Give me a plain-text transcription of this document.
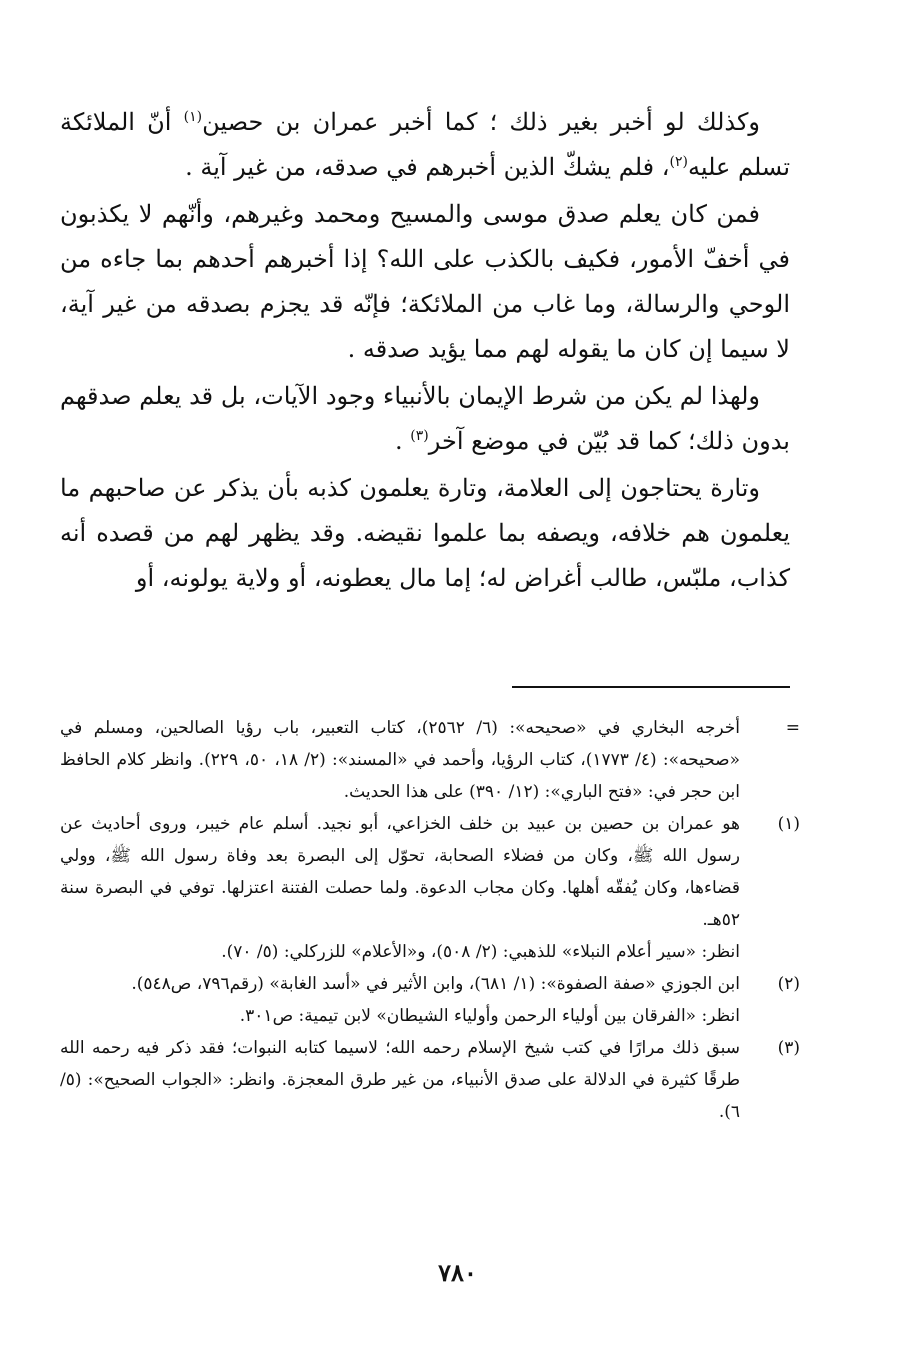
وكذلك لو أخبر بغير ذلك ؛ كما أخبر عمران بن حصين$^{(١)}$ أنّ الملائكة تسلم عليه$^{(٢)}$، فلم يشكّ الذين أخبرهم في صدقه، من غير آية .

فمن كان يعلم صدق موسى والمسيح ومحمد وغيرهم، وأنّهم لا يكذبون في أخفّ الأمور، فكيف بالكذب على الله؟ إذا أخبرهم أحدهم بما جاءه من الوحي والرسالة، وما غاب من الملائكة؛ فإنّه قد يجزم بصدقه من غير آية، لا سيما إن كان ما يقوله لهم مما يؤيد صدقه .

ولهذا لم يكن من شرط الإيمان بالأنبياء وجود الآيات، بل قد يعلم صدقهم بدون ذلك؛ كما قد بُيّن في موضع آخر$^{(٣)}$ .

وتارة يحتاجون إلى العلامة، وتارة يعلمون كذبه بأن يذكر عن صاحبهم ما يعلمون هم خلافه، ويصفه بما علموا نقيضه. وقد يظهر لهم من قصده أنه كذاب، ملبّس، طالب أغراض له؛ إما مال يعطونه، أو ولاية يولونه، أو

=

أخرجه البخاري في «صحيحه»: (٦/ ٢٥٦٢)، كتاب التعبير، باب رؤيا الصالحين، ومسلم في «صحيحه»: (٤/ ١٧٧٣)، كتاب الرؤيا، وأحمد في «المسند»: (٢/ ١٨، ٥٠، ٢٢٩). وانظر كلام الحافظ ابن حجر في: «فتح الباري»: (١٢/ ٣٩٠) على هذا الحديث.

(١)

هو عمران بن حصين بن عبيد بن خلف الخزاعي، أبو نجيد. أسلم عام خيبر، وروى أحاديث عن رسول الله ﷺ، وكان من فضلاء الصحابة، تحوّل إلى البصرة بعد وفاة رسول الله ﷺ، وولي قضاءها، وكان يُفقّه أهلها. وكان مجاب الدعوة. ولما حصلت الفتنة اعتزلها. توفي في البصرة سنة ٥٢هـ.

انظر: «سير أعلام النبلاء» للذهبي: (٢/ ٥٠٨)، و«الأعلام» للزركلي: (٥/ ٧٠).

(٢)

ابن الجوزي «صفة الصفوة»: (١/ ٦٨١)، وابن الأثير في «أسد الغابة» (رقم٧٩٦، ص٥٤٨).

انظر: «الفرقان بين أولياء الرحمن وأولياء الشيطان» لابن تيمية: ص٣٠١.

(٣)

سبق ذلك مرارًا في كتب شيخ الإسلام رحمه الله؛ لاسيما كتابه النبوات؛ فقد ذكر فيه رحمه الله طرقًا كثيرة في الدلالة على صدق الأنبياء، من غير طرق المعجزة. وانظر: «الجواب الصحيح»: (٥/ ٦).

٧٨٠
